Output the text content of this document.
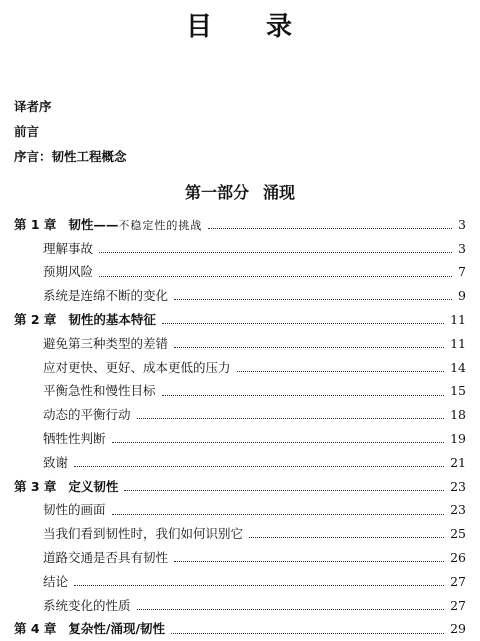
目 录
译者序
前言
序言：韧性工程概念
第一部分 涌现
第 1 章 韧性—— 不稳定性的挑战	3
理解事故	3
预期风险	7
系统是连绵不断的变化	9
第 2 章 韧性的基本特征	11
避免第三种类型的差错	11
应对更快、更好、成本更低的压力	14
平衡急性和慢性目标	15
动态的平衡行动	18
牺牲性判断	19
致谢	21
第 3 章 定义韧性	23
韧性的画面	23
当我们看到韧性时，我们如何识别它	25
道路交通是否具有韧性	26
结论	27
系统变化的性质	27
第 4 章 复杂性/涌现/韧性	29
